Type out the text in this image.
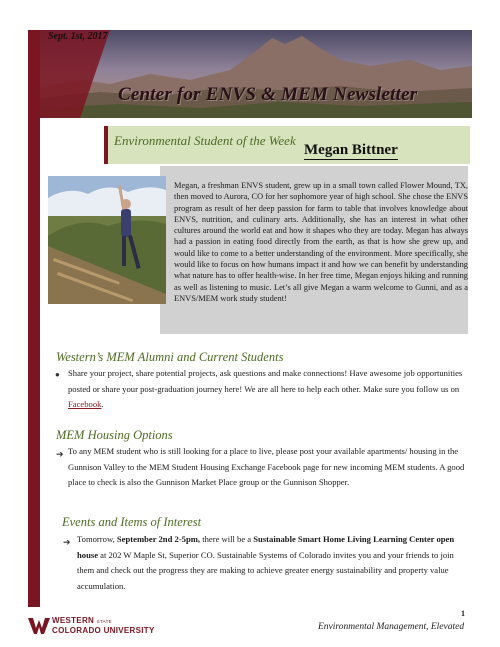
Sept. 1st, 2017
Center for ENVS & MEM Newsletter
Environmental Student of the Week
Megan Bittner
Megan, a freshman ENVS student, grew up in a small town called Flower Mound, TX, then moved to Aurora, CO for her sophomore year of high school. She chose the ENVS program as result of her deep passion for farm to table that involves knowledge about ENVS, nutrition, and culinary arts. Additionally, she has an interest in what other cultures around the world eat and how it shapes who they are today. Megan has always had a passion in eating food directly from the earth, as that is how she grew up, and would like to come to a better understanding of the environment. More specifically, she would like to focus on how humans impact it and how we can benefit by understanding what nature has to offer health-wise. In her free time, Megan enjoys hiking and running as well as listening to music. Let’s all give Megan a warm welcome to Gunni, and as a ENVS/MEM work study student!
Western’s MEM Alumni and Current Students
● Share your project, share potential projects, ask questions and make connections! Have awesome job opportunities posted or share your post-graduation journey here! We are all here to help each other. Make sure you follow us on Facebook.
MEM Housing Options
➔ To any MEM student who is still looking for a place to live, please post your available apartments/ housing in the Gunnison Valley to the MEM Student Housing Exchange Facebook page for new incoming MEM students. A good place to check is also the Gunnison Market Place group or the Gunnison Shopper.
Events and Items of Interest
➔ Tomorrow, September 2nd 2-5pm, there will be a Sustainable Smart Home Living Learning Center open house at 202 W Maple St, Superior CO. Sustainable Systems of Colorado invites you and your friends to join them and check out the progress they are making to achieve greater energy sustainability and property value accumulation.
WESTERN STATE
COLORADO UNIVERSITY
1
Environmental Management, Elevated
